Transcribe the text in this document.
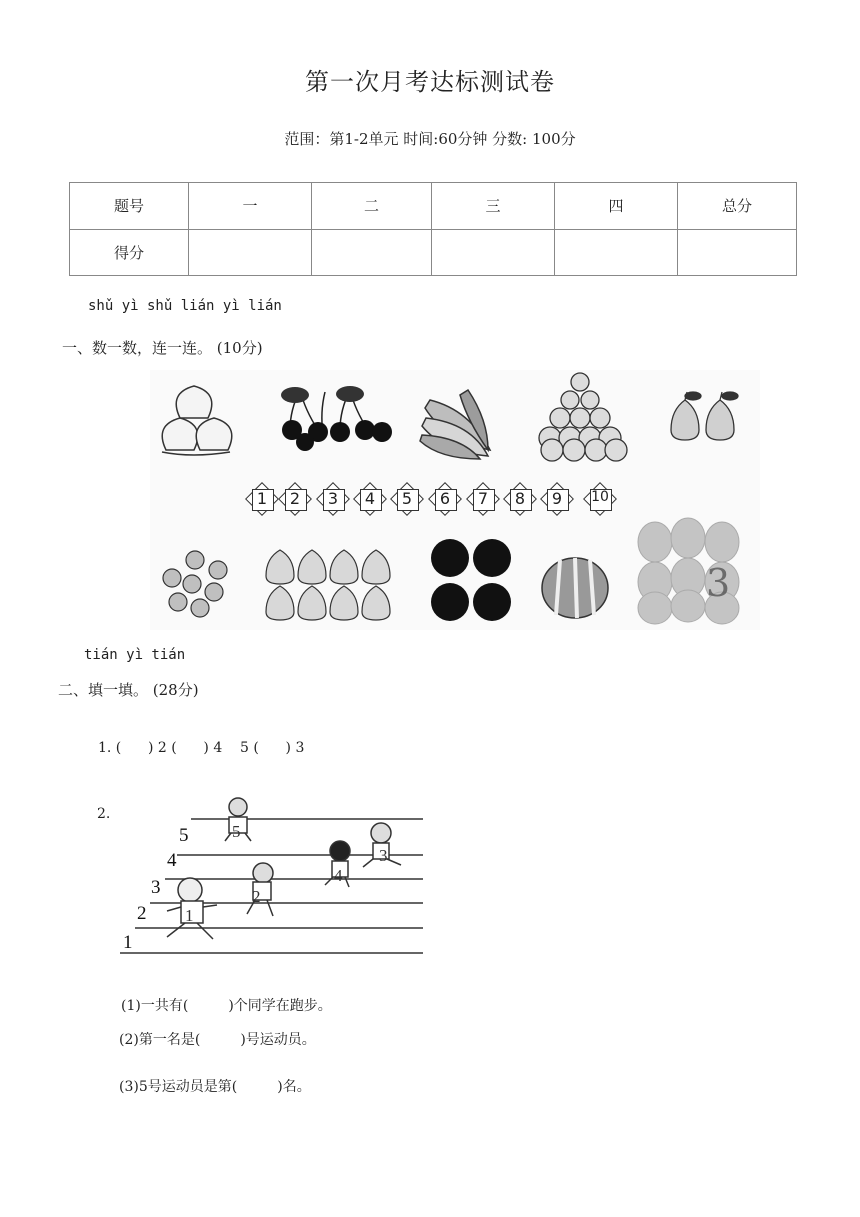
第一次月考达标测试卷
范围：第1-2单元 时间:60分钟 分数: 100分
题号	一	二	三	四	总分
得分					
shǔ yì shǔ lián yì lián
一、数一数，连一连。 (10分)
3
1	2	3	4	5	6	7	8	9	10
tián yì tián
二、填一填。 (28分)
1. (      ) 2 (      ) 4    5 (      ) 3
2.
1
2
3
4
5
1
2
3
4
5
(1)一共有(         )个同学在跑步。
(2)第一名是(         )号运动员。
(3)5号运动员是第(         )名。
